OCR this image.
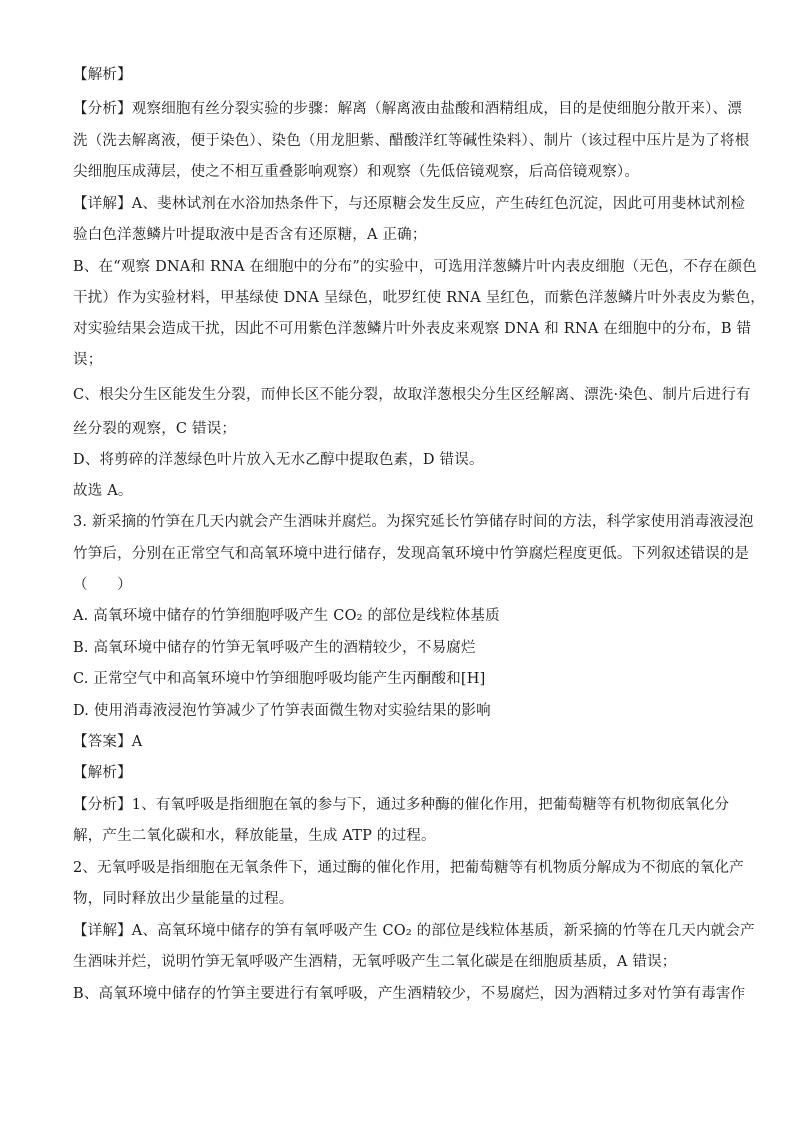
【解析】
【分析】观察细胞有丝分裂实验的步骤：解离（解离液由盐酸和酒精组成，目的是使细胞分散开来）、漂
洗（洗去解离液，便于染色）、染色（用龙胆紫、醋酸洋红等碱性染料）、制片（该过程中压片是为了将根
尖细胞压成薄层，使之不相互重叠影响观察）和观察（先低倍镜观察，后高倍镜观察）。
【详解】A、斐林试剂在水浴加热条件下，与还原糖会发生反应，产生砖红色沉淀，因此可用斐林试剂检
验白色洋葱鳞片叶提取液中是否含有还原糖，A 正确；
B、在“观察 DNA和 RNA 在细胞中的分布”的实验中，可选用洋葱鳞片叶内表皮细胞（无色，不存在颜色
干扰）作为实验材料，甲基绿使 DNA 呈绿色，吡罗红使 RNA 呈红色，而紫色洋葱鳞片叶外表皮为紫色，
对实验结果会造成干扰，因此不可用紫色洋葱鳞片叶外表皮来观察 DNA 和 RNA 在细胞中的分布，B 错
误；
C、根尖分生区能发生分裂，而伸长区不能分裂，故取洋葱根尖分生区经解离、漂洗·染色、制片后进行有
丝分裂的观察，C 错误；
D、将剪碎的洋葱绿色叶片放入无水乙醇中提取色素，D 错误。
故选 A。
3. 新采摘的竹笋在几天内就会产生酒味并腐烂。为探究延长竹笋储存时间的方法，科学家使用消毒液浸泡
竹笋后，分别在正常空气和高氧环境中进行储存，发现高氧环境中竹笋腐烂程度更低。下列叙述错误的是
（　　）
A. 高氧环境中储存的竹笋细胞呼吸产生 CO₂ 的部位是线粒体基质
B. 高氧环境中储存的竹笋无氧呼吸产生的酒精较少，不易腐烂
C. 正常空气中和高氧环境中竹笋细胞呼吸均能产生丙酮酸和[H]
D. 使用消毒液浸泡竹笋减少了竹笋表面微生物对实验结果的影响
【答案】A
【解析】
【分析】1、有氧呼吸是指细胞在氧的参与下，通过多种酶的催化作用，把葡萄糖等有机物彻底氧化分
解，产生二氧化碳和水，释放能量，生成 ATP 的过程。
2、无氧呼吸是指细胞在无氧条件下，通过酶的催化作用，把葡萄糖等有机物质分解成为不彻底的氧化产
物，同时释放出少量能量的过程。
【详解】A、高氧环境中储存的笋有氧呼吸产生 CO₂ 的部位是线粒体基质，新采摘的竹等在几天内就会产
生酒味并烂，说明竹笋无氧呼吸产生酒精，无氧呼吸产生二氧化碳是在细胞质基质，A 错误；
B、高氧环境中储存的竹笋主要进行有氧呼吸，产生酒精较少，不易腐烂，因为酒精过多对竹笋有毒害作
